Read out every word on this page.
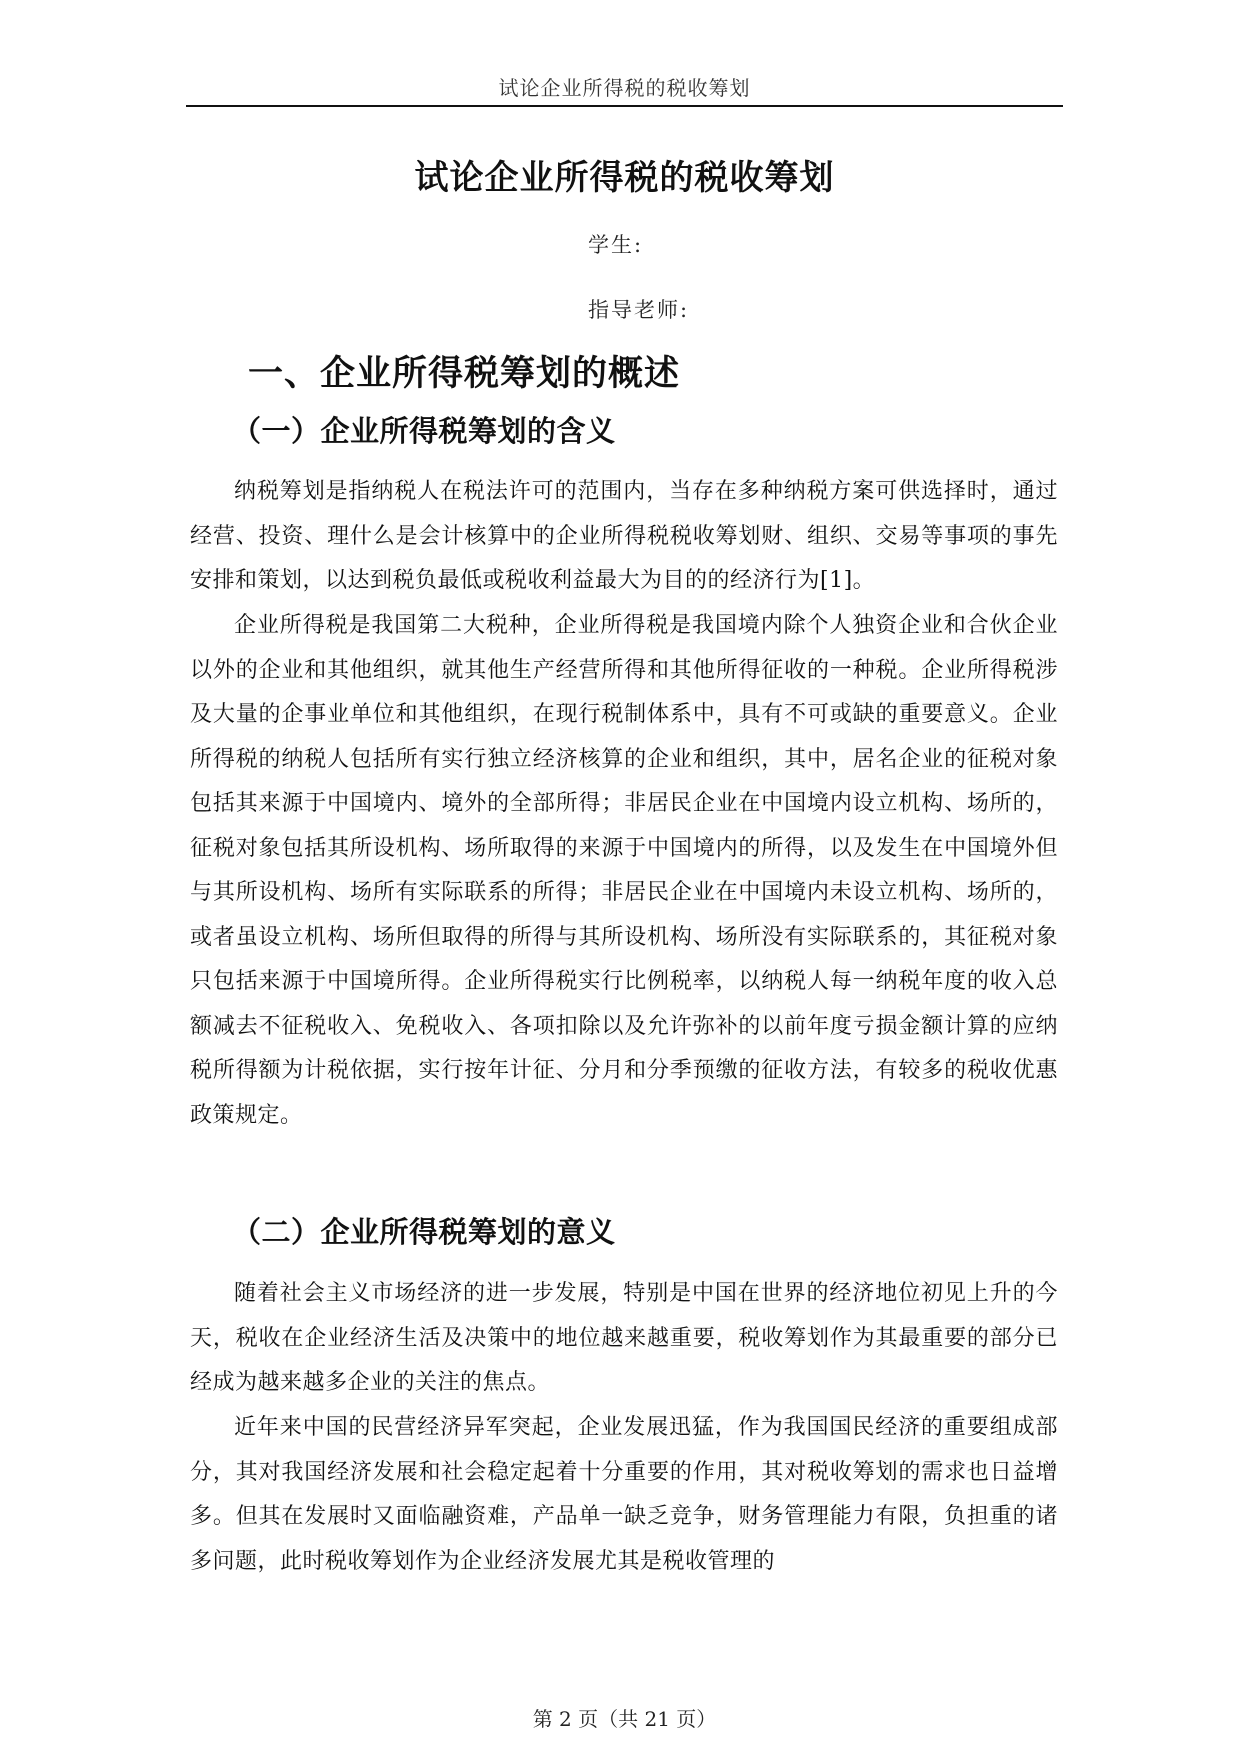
试论企业所得税的税收筹划
试论企业所得税的税收筹划
学生:
指导老师:
一、企业所得税筹划的概述
（一）企业所得税筹划的含义

纳税筹划是指纳税人在税法许可的范围内，当存在多种纳税方案可供选择时，通过经营、投资、理什么是会计核算中的企业所得税税收筹划财、组织、交易等事项的事先安排和策划，以达到税负最低或税收利益最大为目的的经济行为[1]。

企业所得税是我国第二大税种，企业所得税是我国境内除个人独资企业和合伙企业以外的企业和其他组织，就其他生产经营所得和其他所得征收的一种税。企业所得税涉及大量的企事业单位和其他组织，在现行税制体系中，具有不可或缺的重要意义。企业所得税的纳税人包括所有实行独立经济核算的企业和组织，其中，居名企业的征税对象包括其来源于中国境内、境外的全部所得；非居民企业在中国境内设立机构、场所的，征税对象包括其所设机构、场所取得的来源于中国境内的所得，以及发生在中国境外但与其所设机构、场所有实际联系的所得；非居民企业在中国境内未设立机构、场所的，或者虽设立机构、场所但取得的所得与其所设机构、场所没有实际联系的，其征税对象只包括来源于中国境所得。企业所得税实行比例税率，以纳税人每一纳税年度的收入总额减去不征税收入、免税收入、各项扣除以及允许弥补的以前年度亏损金额计算的应纳税所得额为计税依据，实行按年计征、分月和分季预缴的征收方法，有较多的税收优惠政策规定。

（二）企业所得税筹划的意义

随着社会主义市场经济的进一步发展，特别是中国在世界的经济地位初见上升的今天，税收在企业经济生活及决策中的地位越来越重要，税收筹划作为其最重要的部分已经成为越来越多企业的关注的焦点。

近年来中国的民营经济异军突起，企业发展迅猛，作为我国国民经济的重要组成部分，其对我国经济发展和社会稳定起着十分重要的作用，其对税收筹划的需求也日益增多。但其在发展时又面临融资难，产品单一缺乏竞争，财务管理能力有限，负担重的诸多问题，此时税收筹划作为企业经济发展尤其是税收管理的

第 2 页（共 21 页）
